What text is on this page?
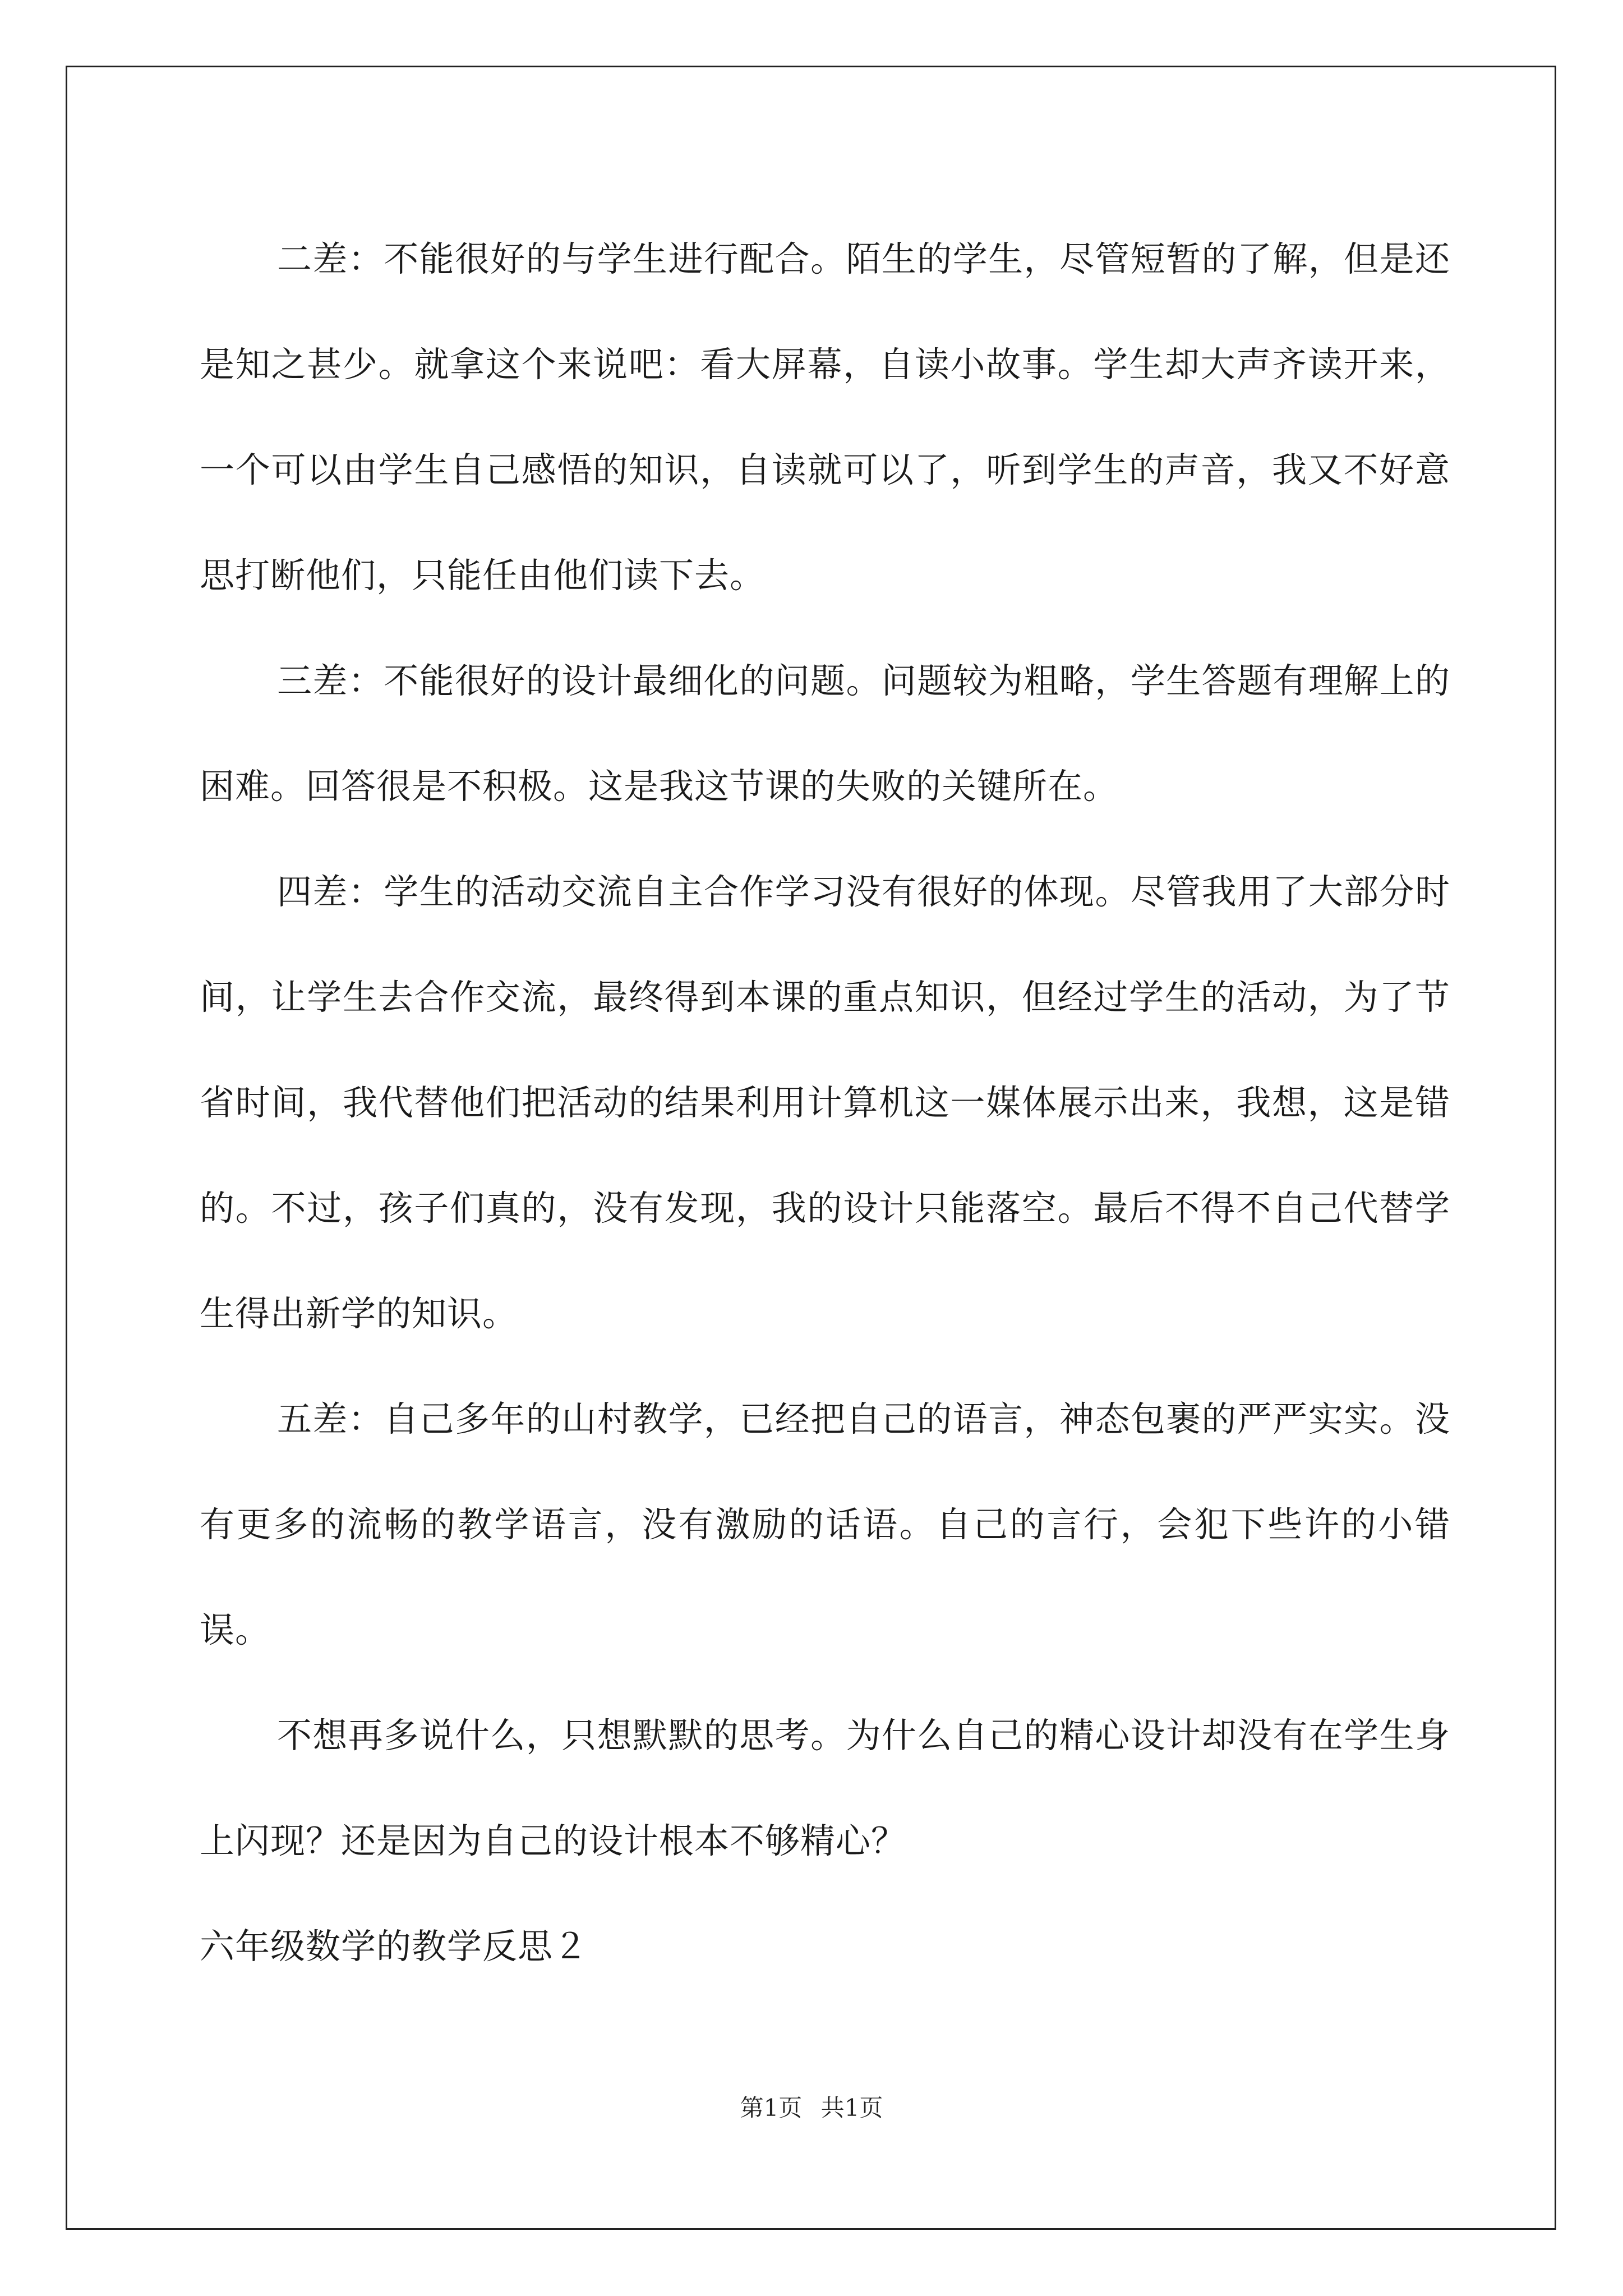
二差：不能很好的与学生进行配合。陌生的学生，尽管短暂的了解，但是还是知之甚少。就拿这个来说吧：看大屏幕，自读小故事。学生却大声齐读开来，一个可以由学生自己感悟的知识，自读就可以了，听到学生的声音，我又不好意思打断他们，只能任由他们读下去。

三差：不能很好的设计最细化的问题。问题较为粗略，学生答题有理解上的困难。回答很是不积极。这是我这节课的失败的关键所在。

四差：学生的活动交流自主合作学习没有很好的体现。尽管我用了大部分时间，让学生去合作交流，最终得到本课的重点知识，但经过学生的活动，为了节省时间，我代替他们把活动的结果利用计算机这一媒体展示出来，我想，这是错的。不过，孩子们真的，没有发现，我的设计只能落空。最后不得不自己代替学生得出新学的知识。

五差：自己多年的山村教学，已经把自己的语言，神态包裹的严严实实。没有更多的流畅的教学语言，没有激励的话语。自己的言行，会犯下些许的小错误。

不想再多说什么，只想默默的思考。为什么自己的精心设计却没有在学生身上闪现？还是因为自己的设计根本不够精心？

六年级数学的教学反思２

第1页 共1页
